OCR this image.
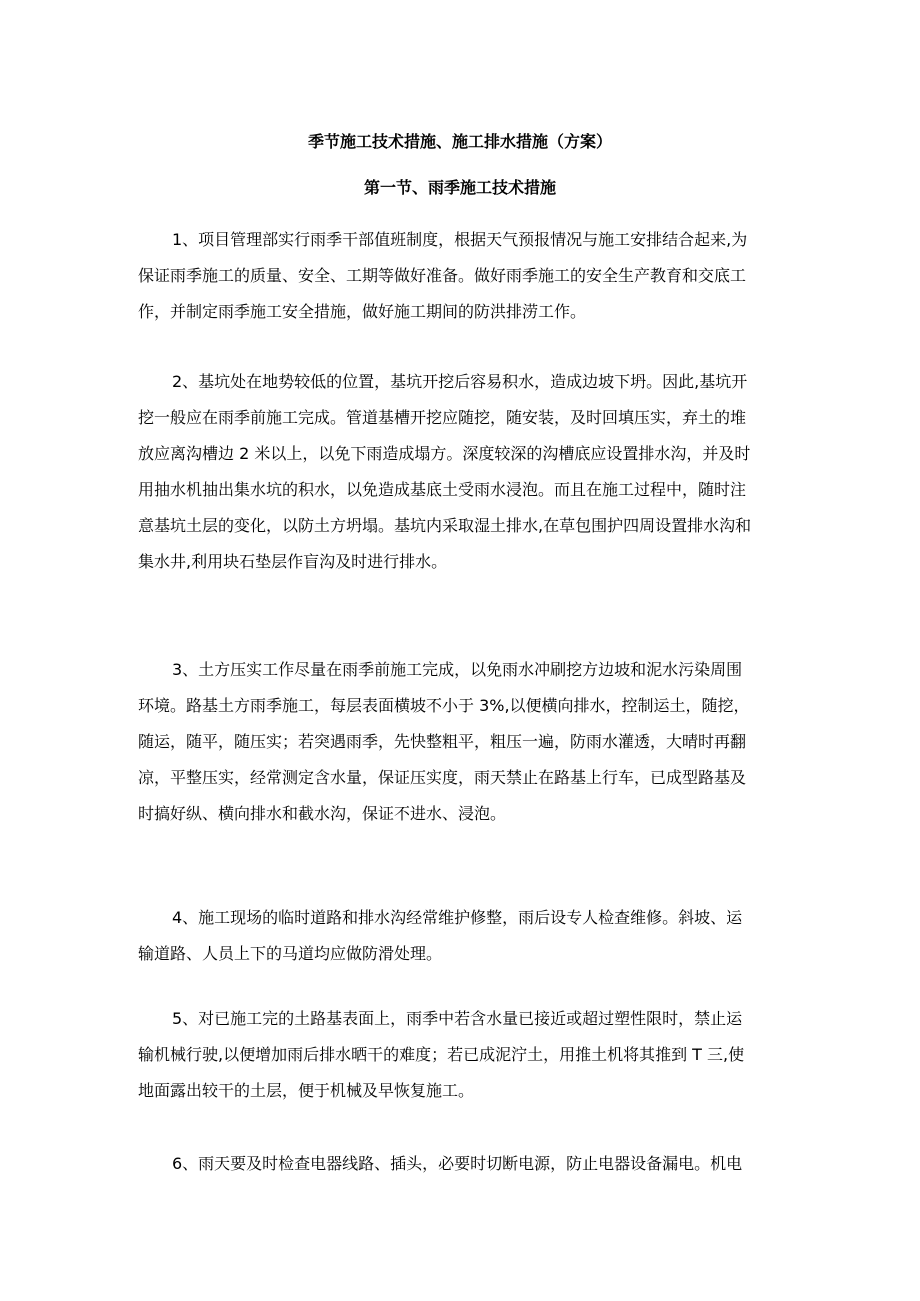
季节施工技术措施、施工排水措施（方案）
第一节、雨季施工技术措施
1、项目管理部实行雨季干部值班制度，根据天气预报情况与施工安排结合起来,为
保证雨季施工的质量、安全、工期等做好准备。做好雨季施工的安全生产教育和交底工
作，并制定雨季施工安全措施，做好施工期间的防洪排涝工作。
2、基坑处在地势较低的位置，基坑开挖后容易积水，造成边坡下坍。因此,基坑开
挖一般应在雨季前施工完成。管道基槽开挖应随挖，随安装，及时回填压实，弃土的堆
放应离沟槽边 2 米以上，以免下雨造成塌方。深度较深的沟槽底应设置排水沟，并及时
用抽水机抽出集水坑的积水，以免造成基底土受雨水浸泡。而且在施工过程中，随时注
意基坑土层的变化，以防土方坍塌。基坑内采取湿土排水,在草包围护四周设置排水沟和
集水井,利用块石垫层作盲沟及时进行排水。
3、土方压实工作尽量在雨季前施工完成，以免雨水冲刷挖方边坡和泥水污染周围
环境。路基土方雨季施工，每层表面横坡不小于 3%,以便横向排水，控制运土，随挖，
随运，随平，随压实；若突遇雨季，先快整粗平，粗压一遍，防雨水灌透，大晴时再翻
凉，平整压实，经常测定含水量，保证压实度，雨天禁止在路基上行车，已成型路基及
时搞好纵、横向排水和截水沟，保证不进水、浸泡。
4、施工现场的临时道路和排水沟经常维护修整，雨后设专人检查维修。斜坡、运
输道路、人员上下的马道均应做防滑处理。
5、对已施工完的土路基表面上，雨季中若含水量已接近或超过塑性限时，禁止运
输机械行驶,以便增加雨后排水晒干的难度；若已成泥泞土，用推土机将其推到 T 三,使
地面露出较干的土层，便于机械及早恢复施工。
6、雨天要及时检查电器线路、插头，必要时切断电源，防止电器设备漏电。机电
